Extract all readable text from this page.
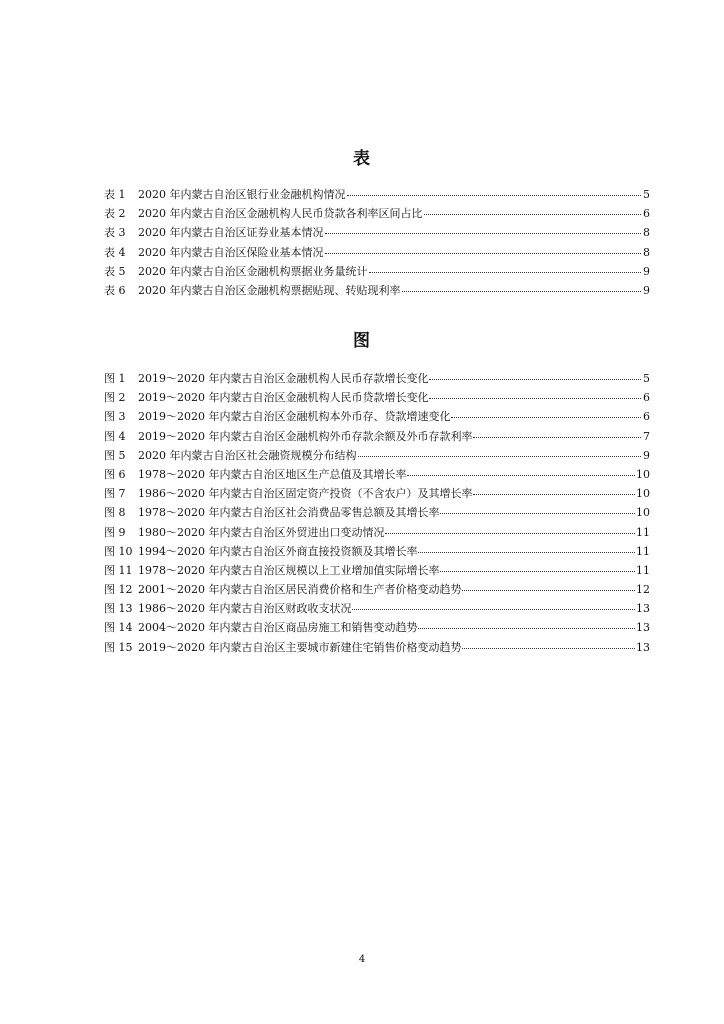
表
表 1	2020 年内蒙古自治区银行业金融机构情况	5
表 2	2020 年内蒙古自治区金融机构人民币贷款各利率区间占比	6
表 3	2020 年内蒙古自治区证券业基本情况	8
表 4	2020 年内蒙古自治区保险业基本情况	8
表 5	2020 年内蒙古自治区金融机构票据业务量统计	9
表 6	2020 年内蒙古自治区金融机构票据贴现、转贴现利率	9
图
图 1	2019～2020 年内蒙古自治区金融机构人民币存款增长变化	5
图 2	2019～2020 年内蒙古自治区金融机构人民币贷款增长变化	6
图 3	2019～2020 年内蒙古自治区金融机构本外币存、贷款增速变化	6
图 4	2019～2020 年内蒙古自治区金融机构外币存款余额及外币存款利率	7
图 5	2020 年内蒙古自治区社会融资规模分布结构	9
图 6	1978～2020 年内蒙古自治区地区生产总值及其增长率	10
图 7	1986～2020 年内蒙古自治区固定资产投资（不含农户）及其增长率	10
图 8	1978～2020 年内蒙古自治区社会消费品零售总额及其增长率	10
图 9	1980～2020 年内蒙古自治区外贸进出口变动情况	11
图 10 1994～2020 年内蒙古自治区外商直接投资额及其增长率	11
图 11 1978～2020 年内蒙古自治区规模以上工业增加值实际增长率	11
图 12 2001～2020 年内蒙古自治区居民消费价格和生产者价格变动趋势	12
图 13 1986～2020 年内蒙古自治区财政收支状况	13
图 14 2004～2020 年内蒙古自治区商品房施工和销售变动趋势	13
图 15 2019～2020 年内蒙古自治区主要城市新建住宅销售价格变动趋势	13
4
